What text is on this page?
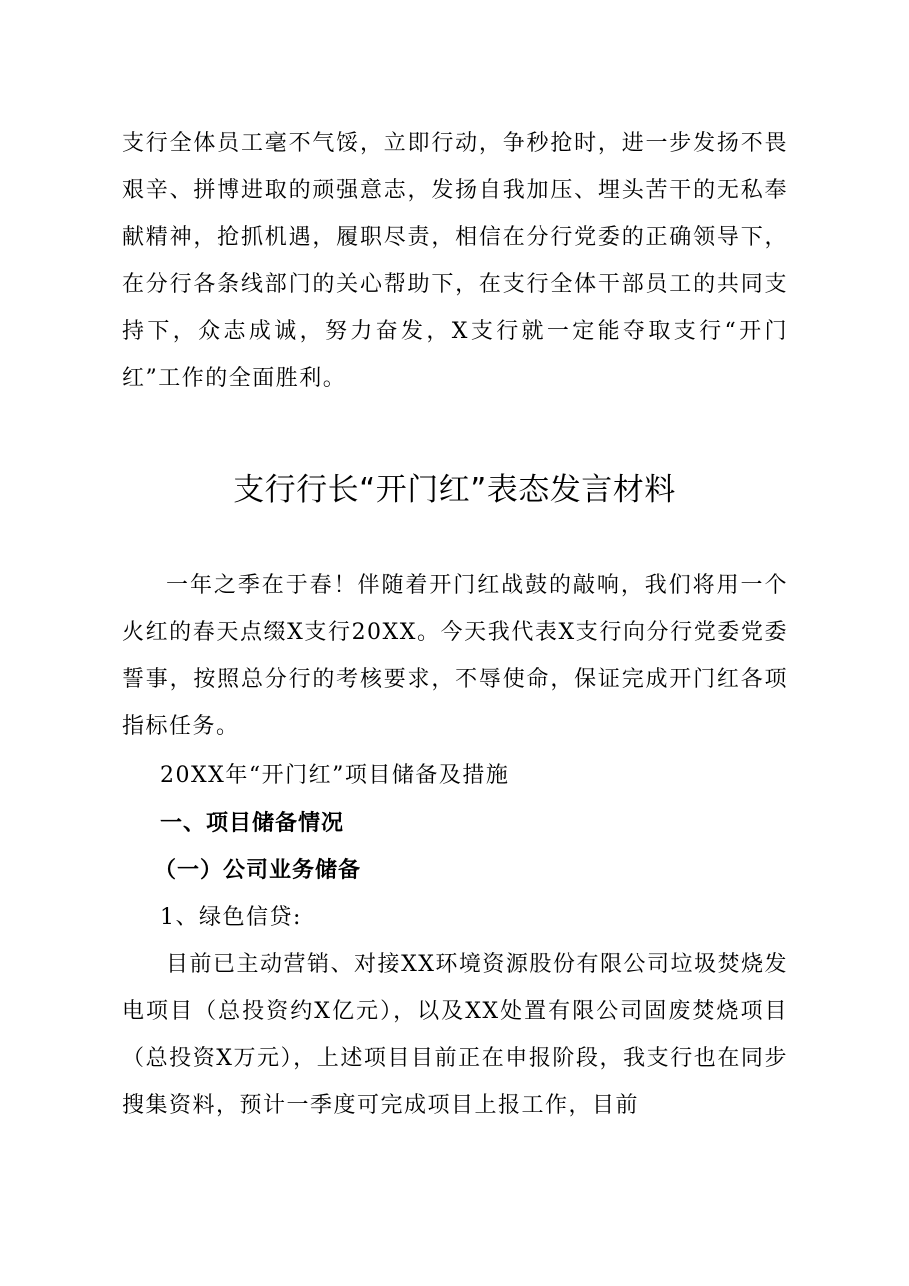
支行全体员工毫不气馁，立即行动，争秒抢时，进一步发扬不畏艰辛、拼博进取的顽强意志，发扬自我加压、埋头苦干的无私奉献精神，抢抓机遇，履职尽责，相信在分行党委的正确领导下，在分行各条线部门的关心帮助下，在支行全体干部员工的共同支持下，众志成诚，努力奋发，X支行就一定能夺取支行“开门红”工作的全面胜利。

支行行长“开门红”表态发言材料

一年之季在于春！伴随着开门红战鼓的敲响，我们将用一个火红的春天点缀X支行20XX。今天我代表X支行向分行党委党委誓事，按照总分行的考核要求，不辱使命，保证完成开门红各项指标任务。

20XX年“开门红”项目储备及措施

一、项目储备情况

（一）公司业务储备

1、绿色信贷:

目前已主动营销、对接XX环境资源股份有限公司垃圾焚烧发电项目（总投资约X亿元），以及XX处置有限公司固废焚烧项目（总投资X万元），上述项目目前正在申报阶段，我支行也在同步搜集资料，预计一季度可完成项目上报工作，目前
